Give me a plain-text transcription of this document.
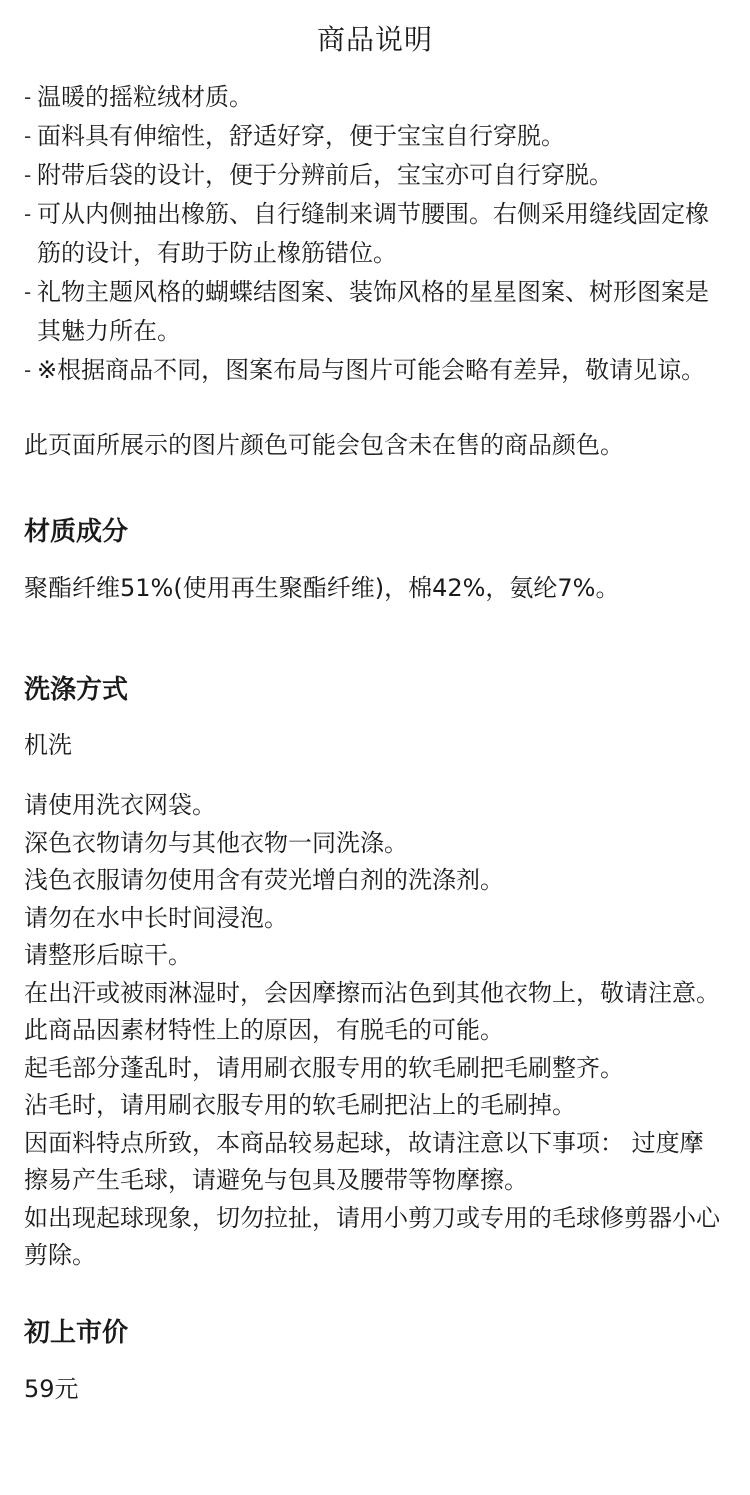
商品说明
- 温暖的摇粒绒材质。
- 面料具有伸缩性，舒适好穿，便于宝宝自行穿脱。
- 附带后袋的设计，便于分辨前后，宝宝亦可自行穿脱。
- 可从内侧抽出橡筋、自行缝制来调节腰围。右侧采用缝线固定橡筋的设计，有助于防止橡筋错位。
- 礼物主题风格的蝴蝶结图案、装饰风格的星星图案、树形图案是其魅力所在。
- ※根据商品不同，图案布局与图片可能会略有差异，敬请见谅。

此页面所展示的图片颜色可能会包含未在售的商品颜色。

材质成分

聚酯纤维51%(使用再生聚酯纤维)，棉42%，氨纶7%。

洗涤方式

机洗

请使用洗衣网袋。
深色衣物请勿与其他衣物一同洗涤。
浅色衣服请勿使用含有荧光增白剂的洗涤剂。
请勿在水中长时间浸泡。
请整形后晾干。
在出汗或被雨淋湿时，会因摩擦而沾色到其他衣物上，敬请注意。
此商品因素材特性上的原因，有脱毛的可能。
起毛部分蓬乱时，请用刷衣服专用的软毛刷把毛刷整齐。
沾毛时，请用刷衣服专用的软毛刷把沾上的毛刷掉。
因面料特点所致，本商品较易起球，故请注意以下事项： 过度摩擦易产生毛球，请避免与包具及腰带等物摩擦。
如出现起球现象，切勿拉扯，请用小剪刀或专用的毛球修剪器小心剪除。
初上市价

59元
